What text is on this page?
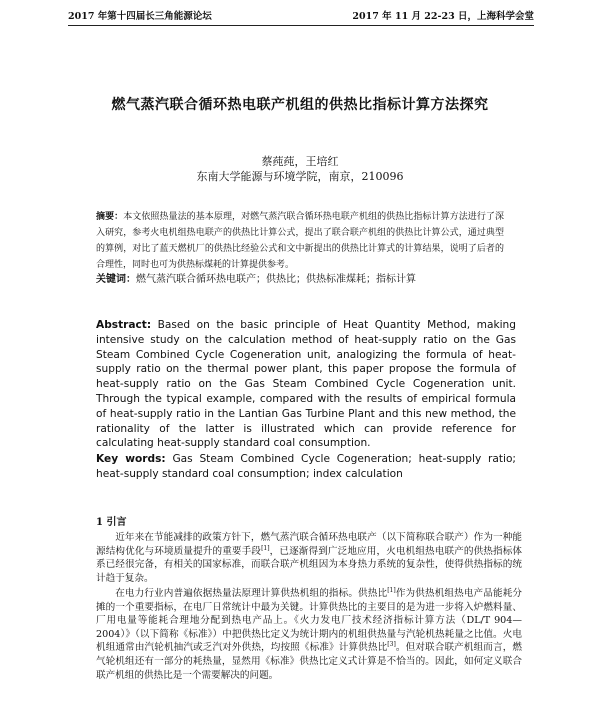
2017 年第十四届长三角能源论坛	2017 年 11 月 22-23 日，上海科学会堂
燃气蒸汽联合循环热电联产机组的供热比指标计算方法探究
蔡莼莼，王培红
东南大学能源与环境学院，南京，210096
摘要：本文依照热量法的基本原理，对燃气蒸汽联合循环热电联产机组的供热比指标计算方法进行了深入研究，参考火电机组热电联产的供热比计算公式，提出了联合联产机组的供热比计算公式，通过典型的算例，对比了蓝天燃机厂的供热比经验公式和文中新提出的供热比计算式的计算结果，说明了后者的合理性，同时也可为供热标煤耗的计算提供参考。
关键词：燃气蒸汽联合循环热电联产；供热比；供热标准煤耗；指标计算
Abstract: Based on the basic principle of Heat Quantity Method, making intensive study on the calculation method of heat-supply ratio on the Gas Steam Combined Cycle Cogeneration unit, analogizing the formula of heat-supply ratio on the thermal power plant, this paper propose the formula of heat-supply ratio on the Gas Steam Combined Cycle Cogeneration unit. Through the typical example, compared with the results of empirical formula of heat-supply ratio in the Lantian Gas Turbine Plant and this new method, the rationality of the latter is illustrated which can provide reference for calculating heat-supply standard coal consumption.
Key words: Gas Steam Combined Cycle Cogeneration; heat-supply ratio; heat-supply standard coal consumption; index calculation
1 引言
近年来在节能减排的政策方针下，燃气蒸汽联合循环热电联产（以下简称联合联产）作为一种能源结构优化与环境质量提升的重要手段[1]，已逐渐得到广泛地应用，火电机组热电联产的供热指标体系已经很完备，有相关的国家标准，而联合联产机组因为本身热力系统的复杂性，使得供热指标的统计趋于复杂。
在电力行业内普遍依据热量法原理计算供热机组的指标。供热比[1]作为供热机组热电产品能耗分摊的一个重要指标，在电厂日常统计中最为关键。计算供热比的主要目的是为进一步将入炉燃料量、厂用电量等能耗合理地分配到热电产品上。《火力发电厂技术经济指标计算方法（DL/T 904—2004）》（以下简称《标准》）中把供热比定义为统计期内的机组供热量与汽轮机热耗量之比值。火电机组通常由汽轮机抽汽或乏汽对外供热，均按照《标准》计算供热比[3]。但对联合联产机组而言，燃气轮机组还有一部分的耗热量，显然用《标准》供热比定义式计算是不恰当的。因此，如何定义联合联产机组的供热比是一个需要解决的问题。
